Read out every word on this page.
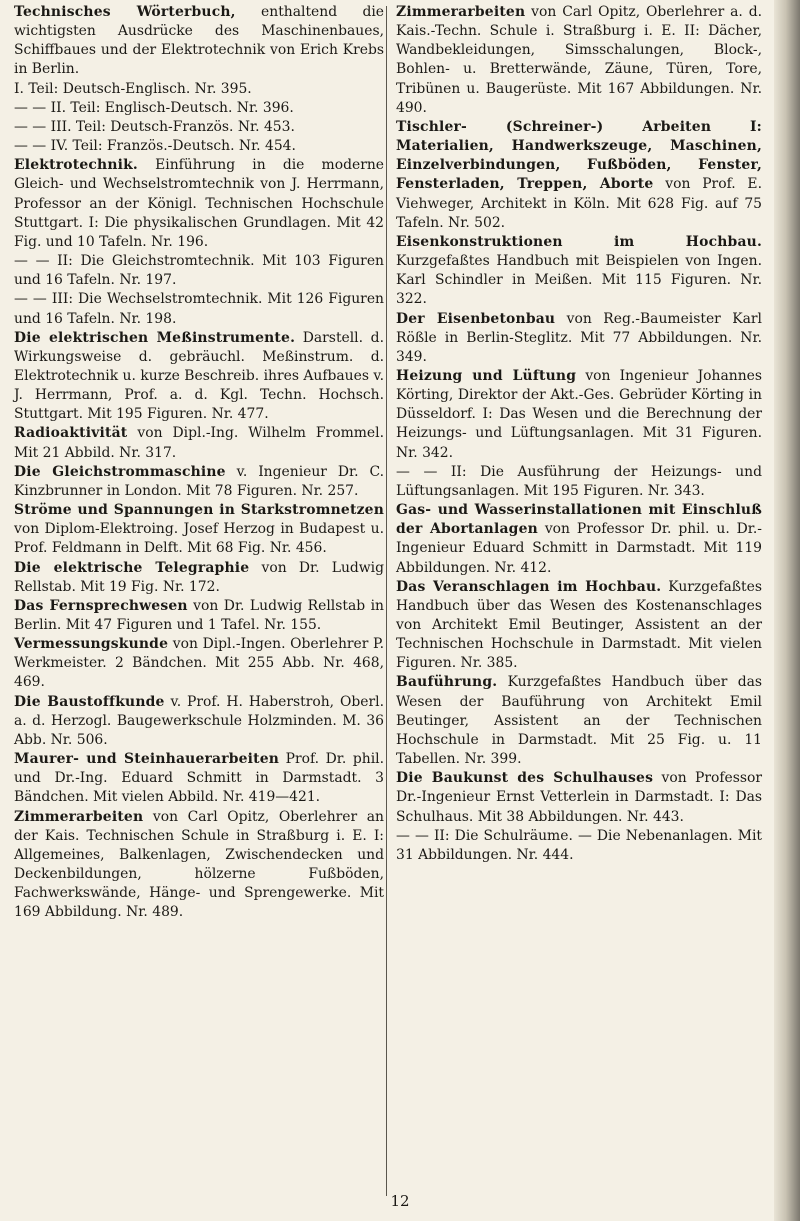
Technisches Wörterbuch, enthaltend die wichtigsten Ausdrücke des Maschinenbaues, Schiffbaues und der Elektrotechnik von Erich Krebs in Berlin.

I. Teil: Deutsch-Englisch. Nr. 395.

— — II. Teil: Englisch-Deutsch. Nr. 396.

— — III. Teil: Deutsch-Französ. Nr. 453.

— — IV. Teil: Französ.-Deutsch. Nr. 454.

Elektrotechnik. Einführung in die moderne Gleich- und Wechselstromtechnik von J. Herrmann, Professor an der Königl. Technischen Hochschule Stuttgart. I: Die physikalischen Grundlagen. Mit 42 Fig. und 10 Tafeln. Nr. 196.

— — II: Die Gleichstromtechnik. Mit 103 Figuren und 16 Tafeln. Nr. 197.

— — III: Die Wechselstromtechnik. Mit 126 Figuren und 16 Tafeln. Nr. 198.

Die elektrischen Meßinstrumente. Darstell. d. Wirkungsweise d. gebräuchl. Meßinstrum. d. Elektrotechnik u. kurze Beschreib. ihres Aufbaues v. J. Herrmann, Prof. a. d. Kgl. Techn. Hochsch. Stuttgart. Mit 195 Figuren. Nr. 477.

Radioaktivität von Dipl.-Ing. Wilhelm Frommel. Mit 21 Abbild. Nr. 317.

Die Gleichstrommaschine v. Ingenieur Dr. C. Kinzbrunner in London. Mit 78 Figuren. Nr. 257.

Ströme und Spannungen in Starkstromnetzen von Diplom-Elektroing. Josef Herzog in Budapest u. Prof. Feldmann in Delft. Mit 68 Fig. Nr. 456.

Die elektrische Telegraphie von Dr. Ludwig Rellstab. Mit 19 Fig. Nr. 172.

Das Fernsprechwesen von Dr. Ludwig Rellstab in Berlin. Mit 47 Figuren und 1 Tafel. Nr. 155.

Vermessungskunde von Dipl.-Ingen. Oberlehrer P. Werkmeister. 2 Bändchen. Mit 255 Abb. Nr. 468, 469.

Die Baustoffkunde v. Prof. H. Haberstroh, Oberl. a. d. Herzogl. Baugewerkschule Holzminden. M. 36 Abb. Nr. 506.

Maurer- und Steinhauerarbeiten Prof. Dr. phil. und Dr.-Ing. Eduard Schmitt in Darmstadt. 3 Bändchen. Mit vielen Abbild. Nr. 419—421.

Zimmerarbeiten von Carl Opitz, Oberlehrer an der Kais. Technischen Schule in Straßburg i. E. I: Allgemeines, Balkenlagen, Zwischendecken und Deckenbildungen, hölzerne Fußböden, Fachwerkswände, Hänge- und Sprengewerke. Mit 169 Abbildung. Nr. 489.

Zimmerarbeiten von Carl Opitz, Oberlehrer a. d. Kais.-Techn. Schule i. Straßburg i. E. II: Dächer, Wandbekleidungen, Simsschalungen, Block-, Bohlen- u. Bretterwände, Zäune, Türen, Tore, Tribünen u. Baugerüste. Mit 167 Abbildungen. Nr. 490.

Tischler- (Schreiner-) Arbeiten I: Materialien, Handwerkszeuge, Maschinen, Einzelverbindungen, Fußböden, Fenster, Fensterladen, Treppen, Aborte von Prof. E. Viehweger, Architekt in Köln. Mit 628 Fig. auf 75 Tafeln. Nr. 502.

Eisenkonstruktionen im Hochbau. Kurzgefaßtes Handbuch mit Beispielen von Ingen. Karl Schindler in Meißen. Mit 115 Figuren. Nr. 322.

Der Eisenbetonbau von Reg.-Baumeister Karl Rößle in Berlin-Steglitz. Mit 77 Abbildungen. Nr. 349.

Heizung und Lüftung von Ingenieur Johannes Körting, Direktor der Akt.-Ges. Gebrüder Körting in Düsseldorf. I: Das Wesen und die Berechnung der Heizungs- und Lüftungsanlagen. Mit 31 Figuren. Nr. 342.

— — II: Die Ausführung der Heizungs- und Lüftungsanlagen. Mit 195 Figuren. Nr. 343.

Gas- und Wasserinstallationen mit Einschluß der Abortanlagen von Professor Dr. phil. u. Dr.-Ingenieur Eduard Schmitt in Darmstadt. Mit 119 Abbildungen. Nr. 412.

Das Veranschlagen im Hochbau. Kurzgefaßtes Handbuch über das Wesen des Kostenanschlages von Architekt Emil Beutinger, Assistent an der Technischen Hochschule in Darmstadt. Mit vielen Figuren. Nr. 385.

Bauführung. Kurzgefaßtes Handbuch über das Wesen der Bauführung von Architekt Emil Beutinger, Assistent an der Technischen Hochschule in Darmstadt. Mit 25 Fig. u. 11 Tabellen. Nr. 399.

Die Baukunst des Schulhauses von Professor Dr.-Ingenieur Ernst Vetterlein in Darmstadt. I: Das Schulhaus. Mit 38 Abbildungen. Nr. 443.

— — II: Die Schulräume. — Die Nebenanlagen. Mit 31 Abbildungen. Nr. 444.

12
